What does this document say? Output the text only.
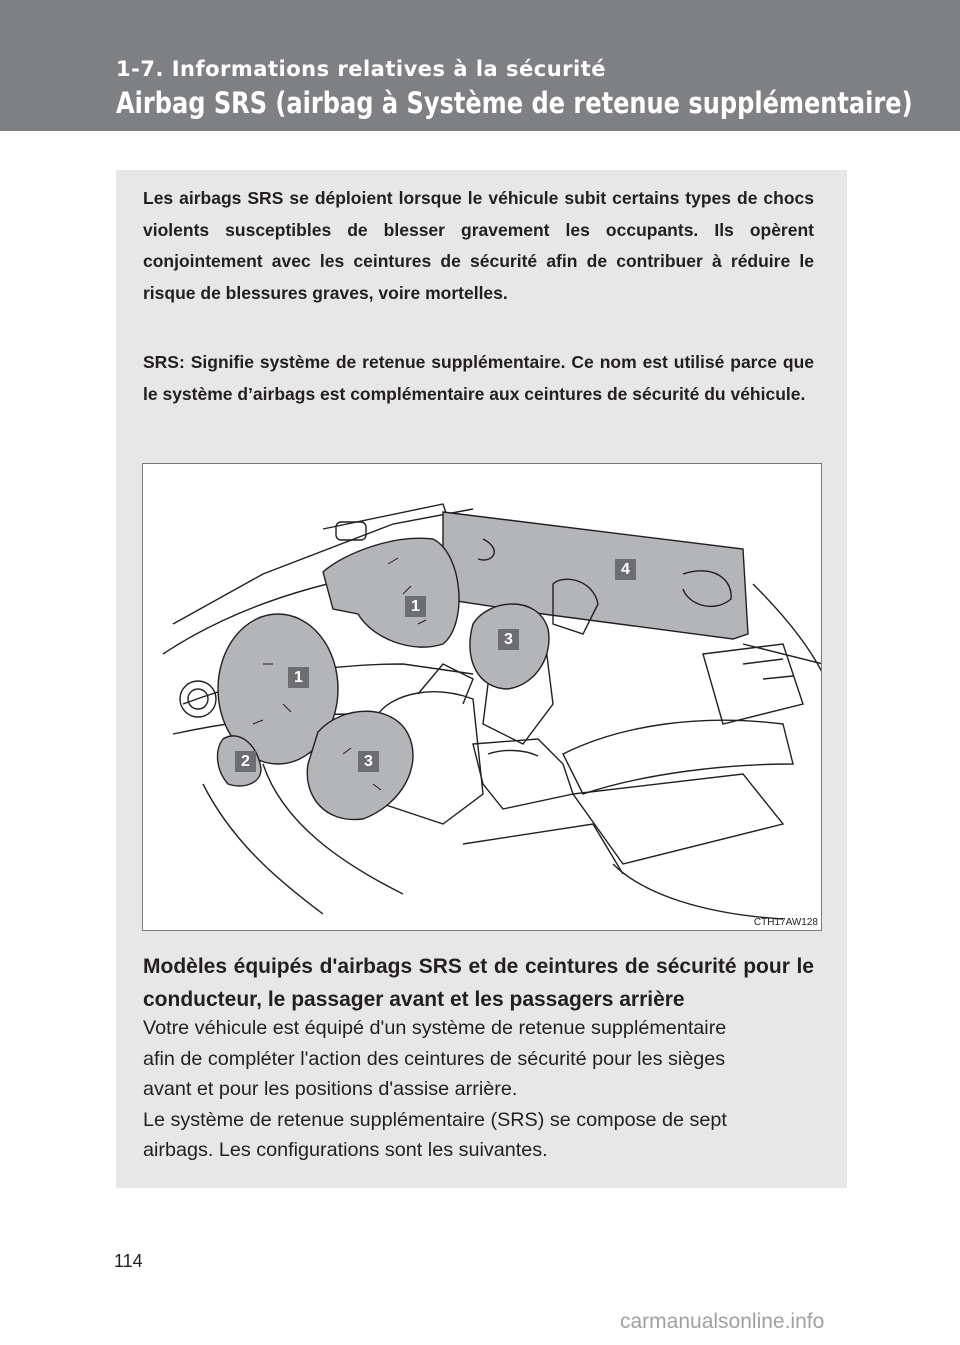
1-7. Informations relatives à la sécurité
Airbag SRS (airbag à Système de retenue supplémentaire)

Les airbags SRS se déploient lorsque le véhicule subit certains types de chocs violents susceptibles de blesser gravement les occupants. Ils opèrent conjointement avec les ceintures de sécurité afin de contribuer à réduire le risque de blessures graves, voire mortelles.

SRS: Signifie système de retenue supplémentaire. Ce nom est utilisé parce que le système d’airbags est complémentaire aux ceintures de sécurité du véhicule.

1
1
2	3
3
4
CTH17AW128

Modèles équipés d'airbags SRS et de ceintures de sécurité pour le conducteur, le passager avant et les passagers arrière

Votre véhicule est équipé d'un système de retenue supplémentaire
afin de compléter l'action des ceintures de sécurité pour les sièges
avant et pour les positions d'assise arrière.
Le système de retenue supplémentaire (SRS) se compose de sept
airbags. Les configurations sont les suivantes.

114
carmanualsonline.info
